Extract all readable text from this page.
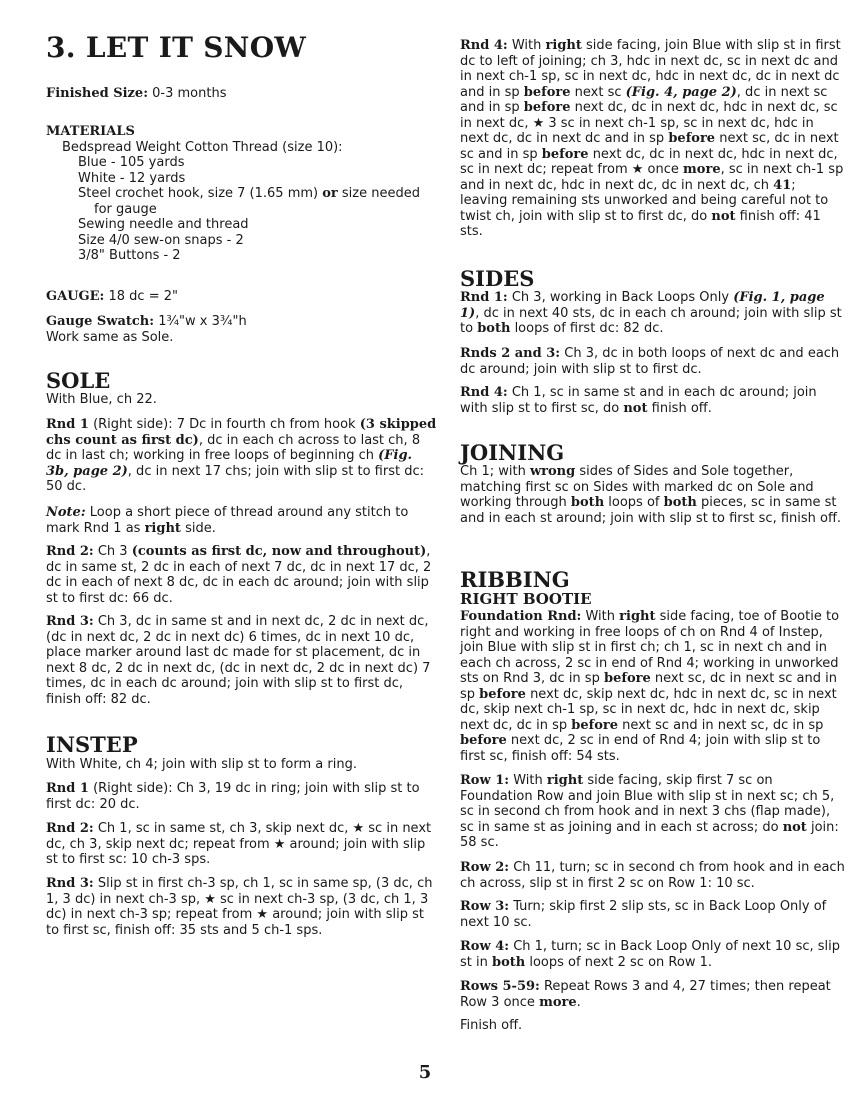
3. LET IT SNOW

Finished Size: 0-3 months

MATERIALS

Bedspread Weight Cotton Thread (size 10):

Blue - 105 yards

White - 12 yards

Steel crochet hook, size 7 (1.65 mm) or size needed

for gauge

Sewing needle and thread

Size 4/0 sew-on snaps - 2

3/8" Buttons - 2

GAUGE: 18 dc = 2"

Gauge Swatch: 1¾"w x 3¾"h

Work same as Sole.

SOLE

With Blue, ch 22.

Rnd 1 (Right side): 7 Dc in fourth ch from hook (3 skipped chs count as first dc), dc in each ch across to last ch, 8 dc in last ch; working in free loops of beginning ch (Fig. 3b, page 2), dc in next 17 chs; join with slip st to first dc: 50 dc.

Note: Loop a short piece of thread around any stitch to mark Rnd 1 as right side.

Rnd 2: Ch 3 (counts as first dc, now and throughout), dc in same st, 2 dc in each of next 7 dc, dc in next 17 dc, 2 dc in each of next 8 dc, dc in each dc around; join with slip st to first dc: 66 dc.

Rnd 3: Ch 3, dc in same st and in next dc, 2 dc in next dc, (dc in next dc, 2 dc in next dc) 6 times, dc in next 10 dc, place marker around last dc made for st placement, dc in next 8 dc, 2 dc in next dc, (dc in next dc, 2 dc in next dc) 7 times, dc in each dc around; join with slip st to first dc, finish off: 82 dc.

INSTEP

With White, ch 4; join with slip st to form a ring.

Rnd 1 (Right side): Ch 3, 19 dc in ring; join with slip st to first dc: 20 dc.

Rnd 2: Ch 1, sc in same st, ch 3, skip next dc, ★ sc in next dc, ch 3, skip next dc; repeat from ★ around; join with slip st to first sc: 10 ch-3 sps.

Rnd 3: Slip st in first ch-3 sp, ch 1, sc in same sp, (3 dc, ch 1, 3 dc) in next ch-3 sp, ★ sc in next ch-3 sp, (3 dc, ch 1, 3 dc) in next ch-3 sp; repeat from ★ around; join with slip st to first sc, finish off: 35 sts and 5 ch-1 sps.

Rnd 4: With right side facing, join Blue with slip st in first dc to left of joining; ch 3, hdc in next dc, sc in next dc and in next ch-1 sp, sc in next dc, hdc in next dc, dc in next dc and in sp before next sc (Fig. 4, page 2), dc in next sc and in sp before next dc, dc in next dc, hdc in next dc, sc in next dc, ★ 3 sc in next ch-1 sp, sc in next dc, hdc in next dc, dc in next dc and in sp before next sc, dc in next sc and in sp before next dc, dc in next dc, hdc in next dc, sc in next dc; repeat from ★ once more, sc in next ch-1 sp and in next dc, hdc in next dc, dc in next dc, ch 41; leaving remaining sts unworked and being careful not to twist ch, join with slip st to first dc, do not finish off: 41 sts.

SIDES

Rnd 1: Ch 3, working in Back Loops Only (Fig. 1, page 1), dc in next 40 sts, dc in each ch around; join with slip st to both loops of first dc: 82 dc.

Rnds 2 and 3: Ch 3, dc in both loops of next dc and each dc around; join with slip st to first dc.

Rnd 4: Ch 1, sc in same st and in each dc around; join with slip st to first sc, do not finish off.

JOINING

Ch 1; with wrong sides of Sides and Sole together, matching first sc on Sides with marked dc on Sole and working through both loops of both pieces, sc in same st and in each st around; join with slip st to first sc, finish off.

RIBBING
RIGHT BOOTIE

Foundation Rnd: With right side facing, toe of Bootie to right and working in free loops of ch on Rnd 4 of Instep, join Blue with slip st in first ch; ch 1, sc in next ch and in each ch across, 2 sc in end of Rnd 4; working in unworked sts on Rnd 3, dc in sp before next sc, dc in next sc and in sp before next dc, skip next dc, hdc in next dc, sc in next dc, skip next ch-1 sp, sc in next dc, hdc in next dc, skip next dc, dc in sp before next sc and in next sc, dc in sp before next dc, 2 sc in end of Rnd 4; join with slip st to first sc, finish off: 54 sts.

Row 1: With right side facing, skip first 7 sc on Foundation Row and join Blue with slip st in next sc; ch 5, sc in second ch from hook and in next 3 chs (flap made), sc in same st as joining and in each st across; do not join: 58 sc.

Row 2: Ch 11, turn; sc in second ch from hook and in each ch across, slip st in first 2 sc on Row 1: 10 sc.

Row 3: Turn; skip first 2 slip sts, sc in Back Loop Only of next 10 sc.

Row 4: Ch 1, turn; sc in Back Loop Only of next 10 sc, slip st in both loops of next 2 sc on Row 1.

Rows 5-59: Repeat Rows 3 and 4, 27 times; then repeat Row 3 once more.

Finish off.

5
